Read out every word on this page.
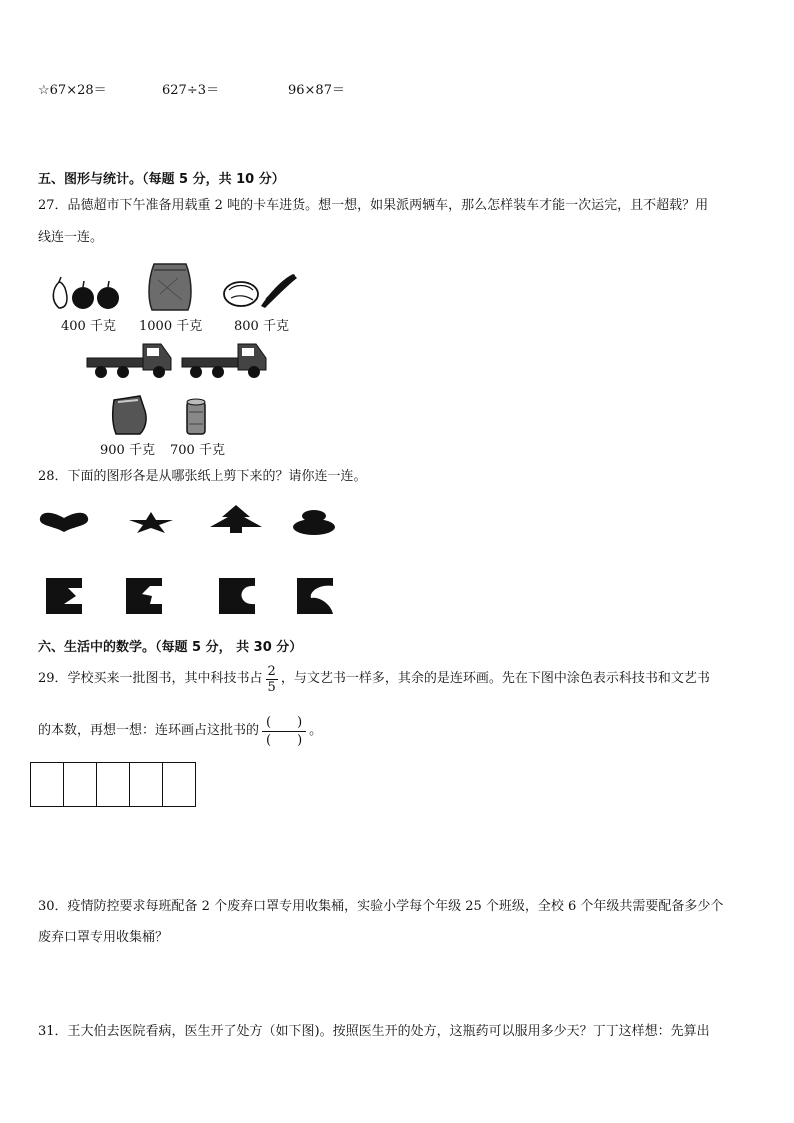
☆67×28＝	627÷3＝	96×87＝
五、图形与统计。（每题 5 分，共 10 分）
27．品德超市下午准备用载重 2 吨的卡车进货。想一想，如果派两辆车，那么怎样装车才能一次运完，且不超载？用
线连一连。
400 千克 1000 千克 800 千克
900 千克 700 千克
28．下面的图形各是从哪张纸上剪下来的？请你连一连。
六、生活中的数学。（每题 5 分， 共 30 分）
29．学校买来一批图书，其中科技书占 $\frac{2}{5}$ ，与文艺书一样多，其余的是连环画。先在下图中涂色表示科技书和文艺书
的本数，再想一想：连环画占这批书的 $\frac{( )}{( )}$ 。

30．疫情防控要求每班配备 2 个废弃口罩专用收集桶，实验小学每个年级 25 个班级，全校 6 个年级共需要配备多少个
废弃口罩专用收集桶？
31．王大伯去医院看病，医生开了处方（如下图)。按照医生开的处方，这瓶药可以服用多少天？丁丁这样想：先算出
